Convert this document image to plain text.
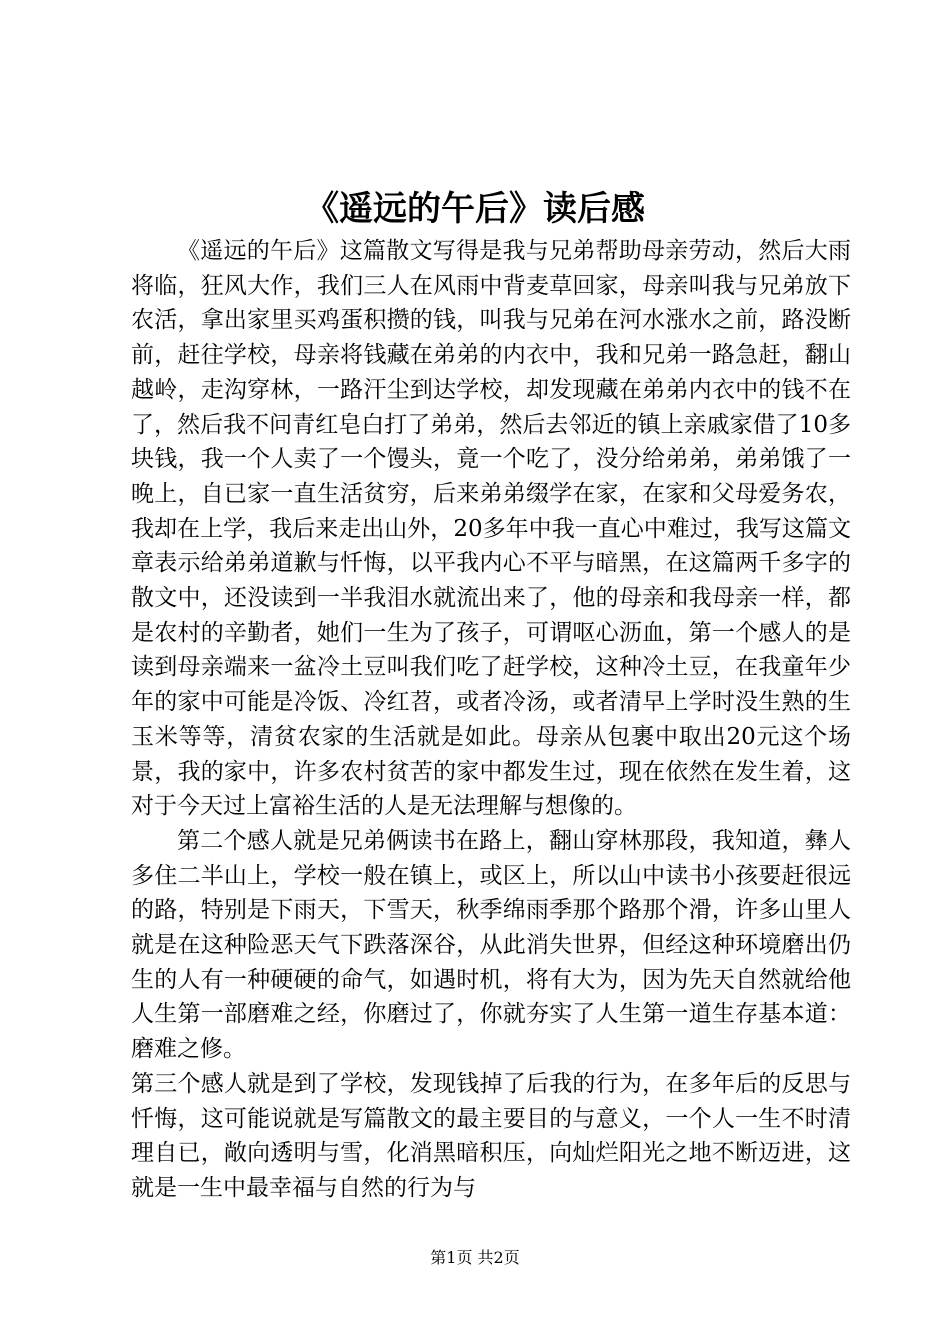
《遥远的午后》读后感

《遥远的午后》这篇散文写得是我与兄弟帮助母亲劳动，然后大雨将临，狂风大作，我们三人在风雨中背麦草回家，母亲叫我与兄弟放下农活，拿出家里买鸡蛋积攒的钱，叫我与兄弟在河水涨水之前，路没断前，赶往学校，母亲将钱藏在弟弟的内衣中，我和兄弟一路急赶，翻山越岭，走沟穿林，一路汗尘到达学校，却发现藏在弟弟内衣中的钱不在了，然后我不问青红皂白打了弟弟，然后去邻近的镇上亲戚家借了10多块钱，我一个人卖了一个馒头，竟一个吃了，没分给弟弟，弟弟饿了一晚上，自已家一直生活贫穷，后来弟弟缀学在家，在家和父母爱务农，我却在上学，我后来走出山外，20多年中我一直心中难过，我写这篇文章表示给弟弟道歉与忏悔，以平我内心不平与暗黑，在这篇两千多字的散文中，还没读到一半我泪水就流出来了，他的母亲和我母亲一样，都是农村的辛勤者，她们一生为了孩子，可谓呕心沥血，第一个感人的是读到母亲端来一盆冷土豆叫我们吃了赶学校，这种冷土豆，在我童年少年的家中可能是冷饭、冷红苕，或者冷汤，或者清早上学时没生熟的生玉米等等，清贫农家的生活就是如此。母亲从包裹中取出20元这个场景，我的家中，许多农村贫苦的家中都发生过，现在依然在发生着，这对于今天过上富裕生活的人是无法理解与想像的。

第二个感人就是兄弟俩读书在路上，翻山穿林那段，我知道，彝人多住二半山上，学校一般在镇上，或区上，所以山中读书小孩要赶很远的路，特别是下雨天，下雪天，秋季绵雨季那个路那个滑，许多山里人就是在这种险恶天气下跌落深谷，从此消失世界，但经这种环境磨出仍生的人有一种硬硬的命气，如遇时机，将有大为，因为先天自然就给他人生第一部磨难之经，你磨过了，你就夯实了人生第一道生存基本道：磨难之修。

第三个感人就是到了学校，发现钱掉了后我的行为，在多年后的反思与忏悔，这可能说就是写篇散文的最主要目的与意义，一个人一生不时清理自已，敞向透明与雪，化消黑暗积压，向灿烂阳光之地不断迈进，这就是一生中最幸福与自然的行为与

第1页 共2页
